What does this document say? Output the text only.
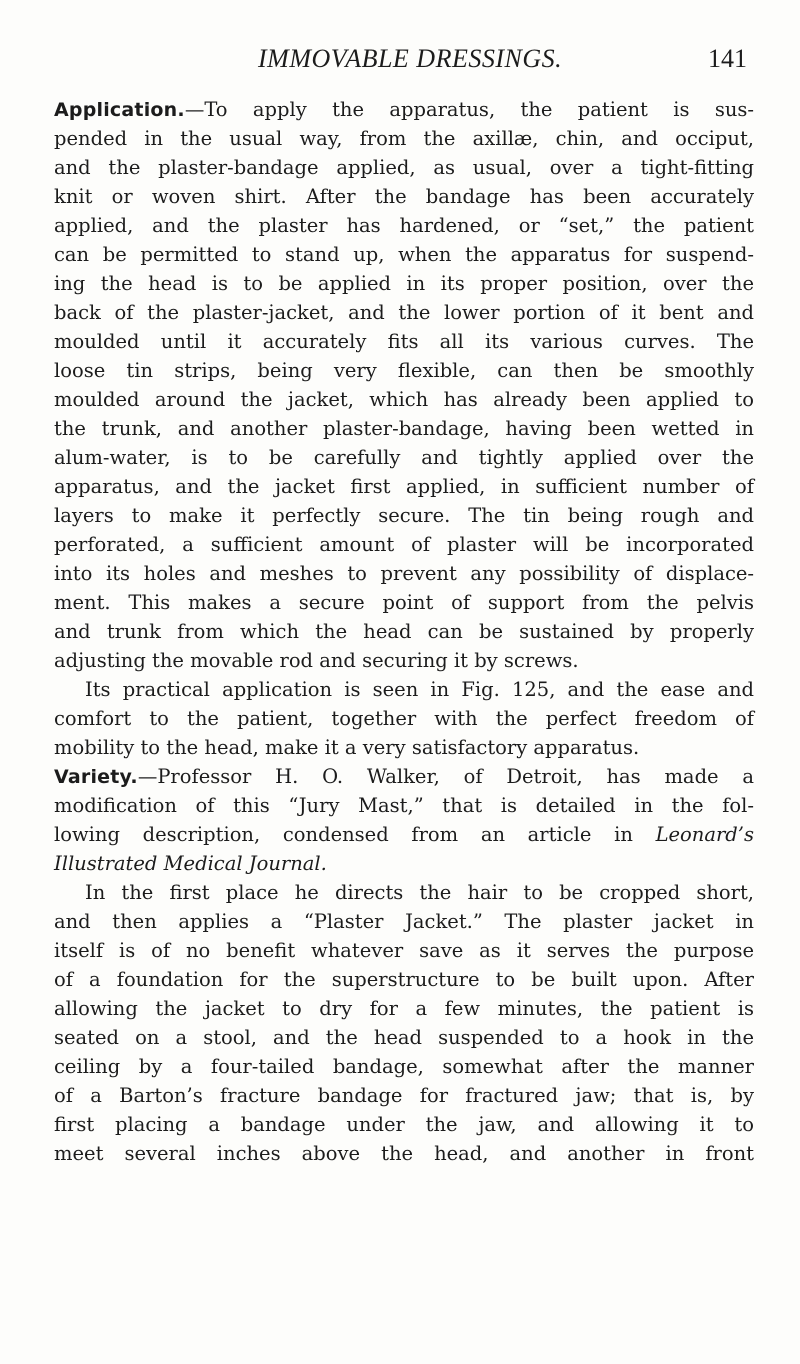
IMMOVABLE DRESSINGS.	141
Application.—To apply the apparatus, the patient is sus-
pended in the usual way, from the axillæ, chin, and occiput,
and the plaster-bandage applied, as usual, over a tight-fitting
knit or woven shirt. After the bandage has been accurately
applied, and the plaster has hardened, or “set,” the patient
can be permitted to stand up, when the apparatus for suspend-
ing the head is to be applied in its proper position, over the
back of the plaster-jacket, and the lower portion of it bent and
moulded until it accurately fits all its various curves. The
loose tin strips, being very flexible, can then be smoothly
moulded around the jacket, which has already been applied to
the trunk, and another plaster-bandage, having been wetted in
alum-water, is to be carefully and tightly applied over the
apparatus, and the jacket first applied, in sufficient number of
layers to make it perfectly secure. The tin being rough and
perforated, a sufficient amount of plaster will be incorporated
into its holes and meshes to prevent any possibility of displace-
ment. This makes a secure point of support from the pelvis
and trunk from which the head can be sustained by properly
adjusting the movable rod and securing it by screws.
Its practical application is seen in Fig. 125, and the ease and
comfort to the patient, together with the perfect freedom of
mobility to the head, make it a very satisfactory apparatus.
Variety.—Professor H. O. Walker, of Detroit, has made a
modification of this “Jury Mast,” that is detailed in the fol-
lowing description, condensed from an article in Leonard’s
Illustrated Medical Journal.
In the first place he directs the hair to be cropped short,
and then applies a “Plaster Jacket.” The plaster jacket in
itself is of no benefit whatever save as it serves the purpose
of a foundation for the superstructure to be built upon. After
allowing the jacket to dry for a few minutes, the patient is
seated on a stool, and the head suspended to a hook in the
ceiling by a four-tailed bandage, somewhat after the manner
of a Barton’s fracture bandage for fractured jaw; that is, by
first placing a bandage under the jaw, and allowing it to
meet several inches above the head, and another in front
